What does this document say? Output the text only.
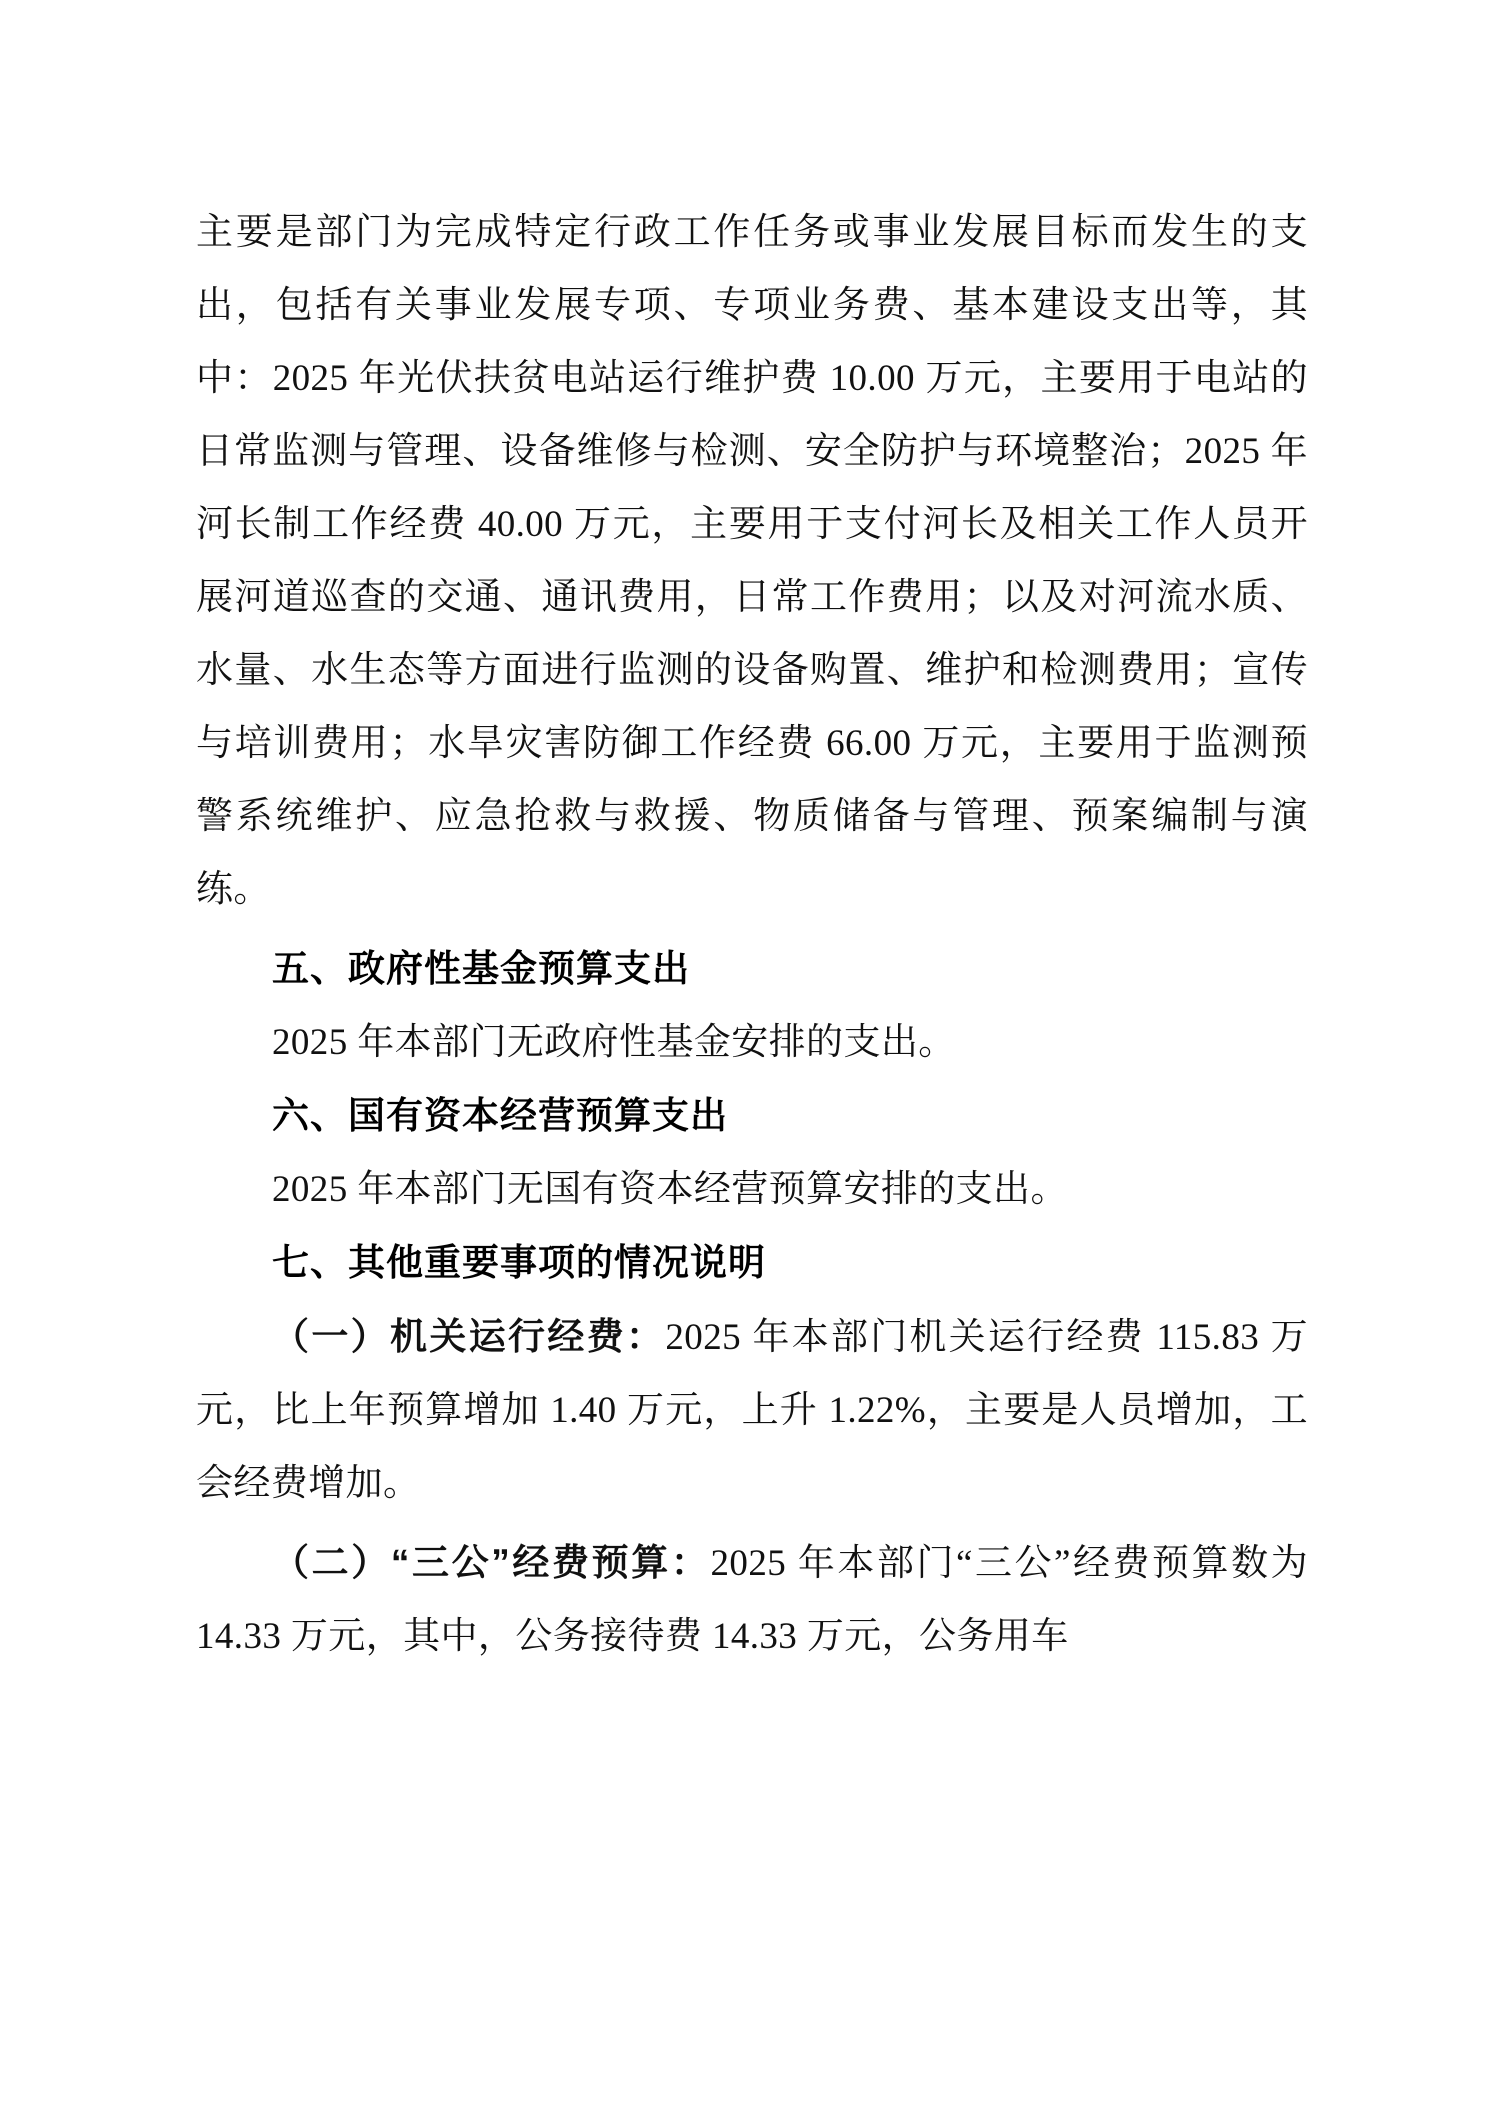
主要是部门为完成特定行政工作任务或事业发展目标而发生的支出，包括有关事业发展专项、专项业务费、基本建设支出等，其中：2025 年光伏扶贫电站运行维护费 10.00 万元，主要用于电站的日常监测与管理、设备维修与检测、安全防护与环境整治；2025 年河长制工作经费 40.00 万元，主要用于支付河长及相关工作人员开展河道巡查的交通、通讯费用，日常工作费用；以及对河流水质、水量、水生态等方面进行监测的设备购置、维护和检测费用；宣传与培训费用；水旱灾害防御工作经费 66.00 万元，主要用于监测预警系统维护、应急抢救与救援、物质储备与管理、预案编制与演练。

五、政府性基金预算支出

2025 年本部门无政府性基金安排的支出。

六、国有资本经营预算支出

2025 年本部门无国有资本经营预算安排的支出。

七、其他重要事项的情况说明

（一）机关运行经费：2025 年本部门机关运行经费 115.83 万元，比上年预算增加 1.40 万元，上升 1.22%，主要是人员增加，工会经费增加。

（二）“三公”经费预算：2025 年本部门“三公”经费预算数为 14.33 万元，其中，公务接待费 14.33 万元，公务用车
